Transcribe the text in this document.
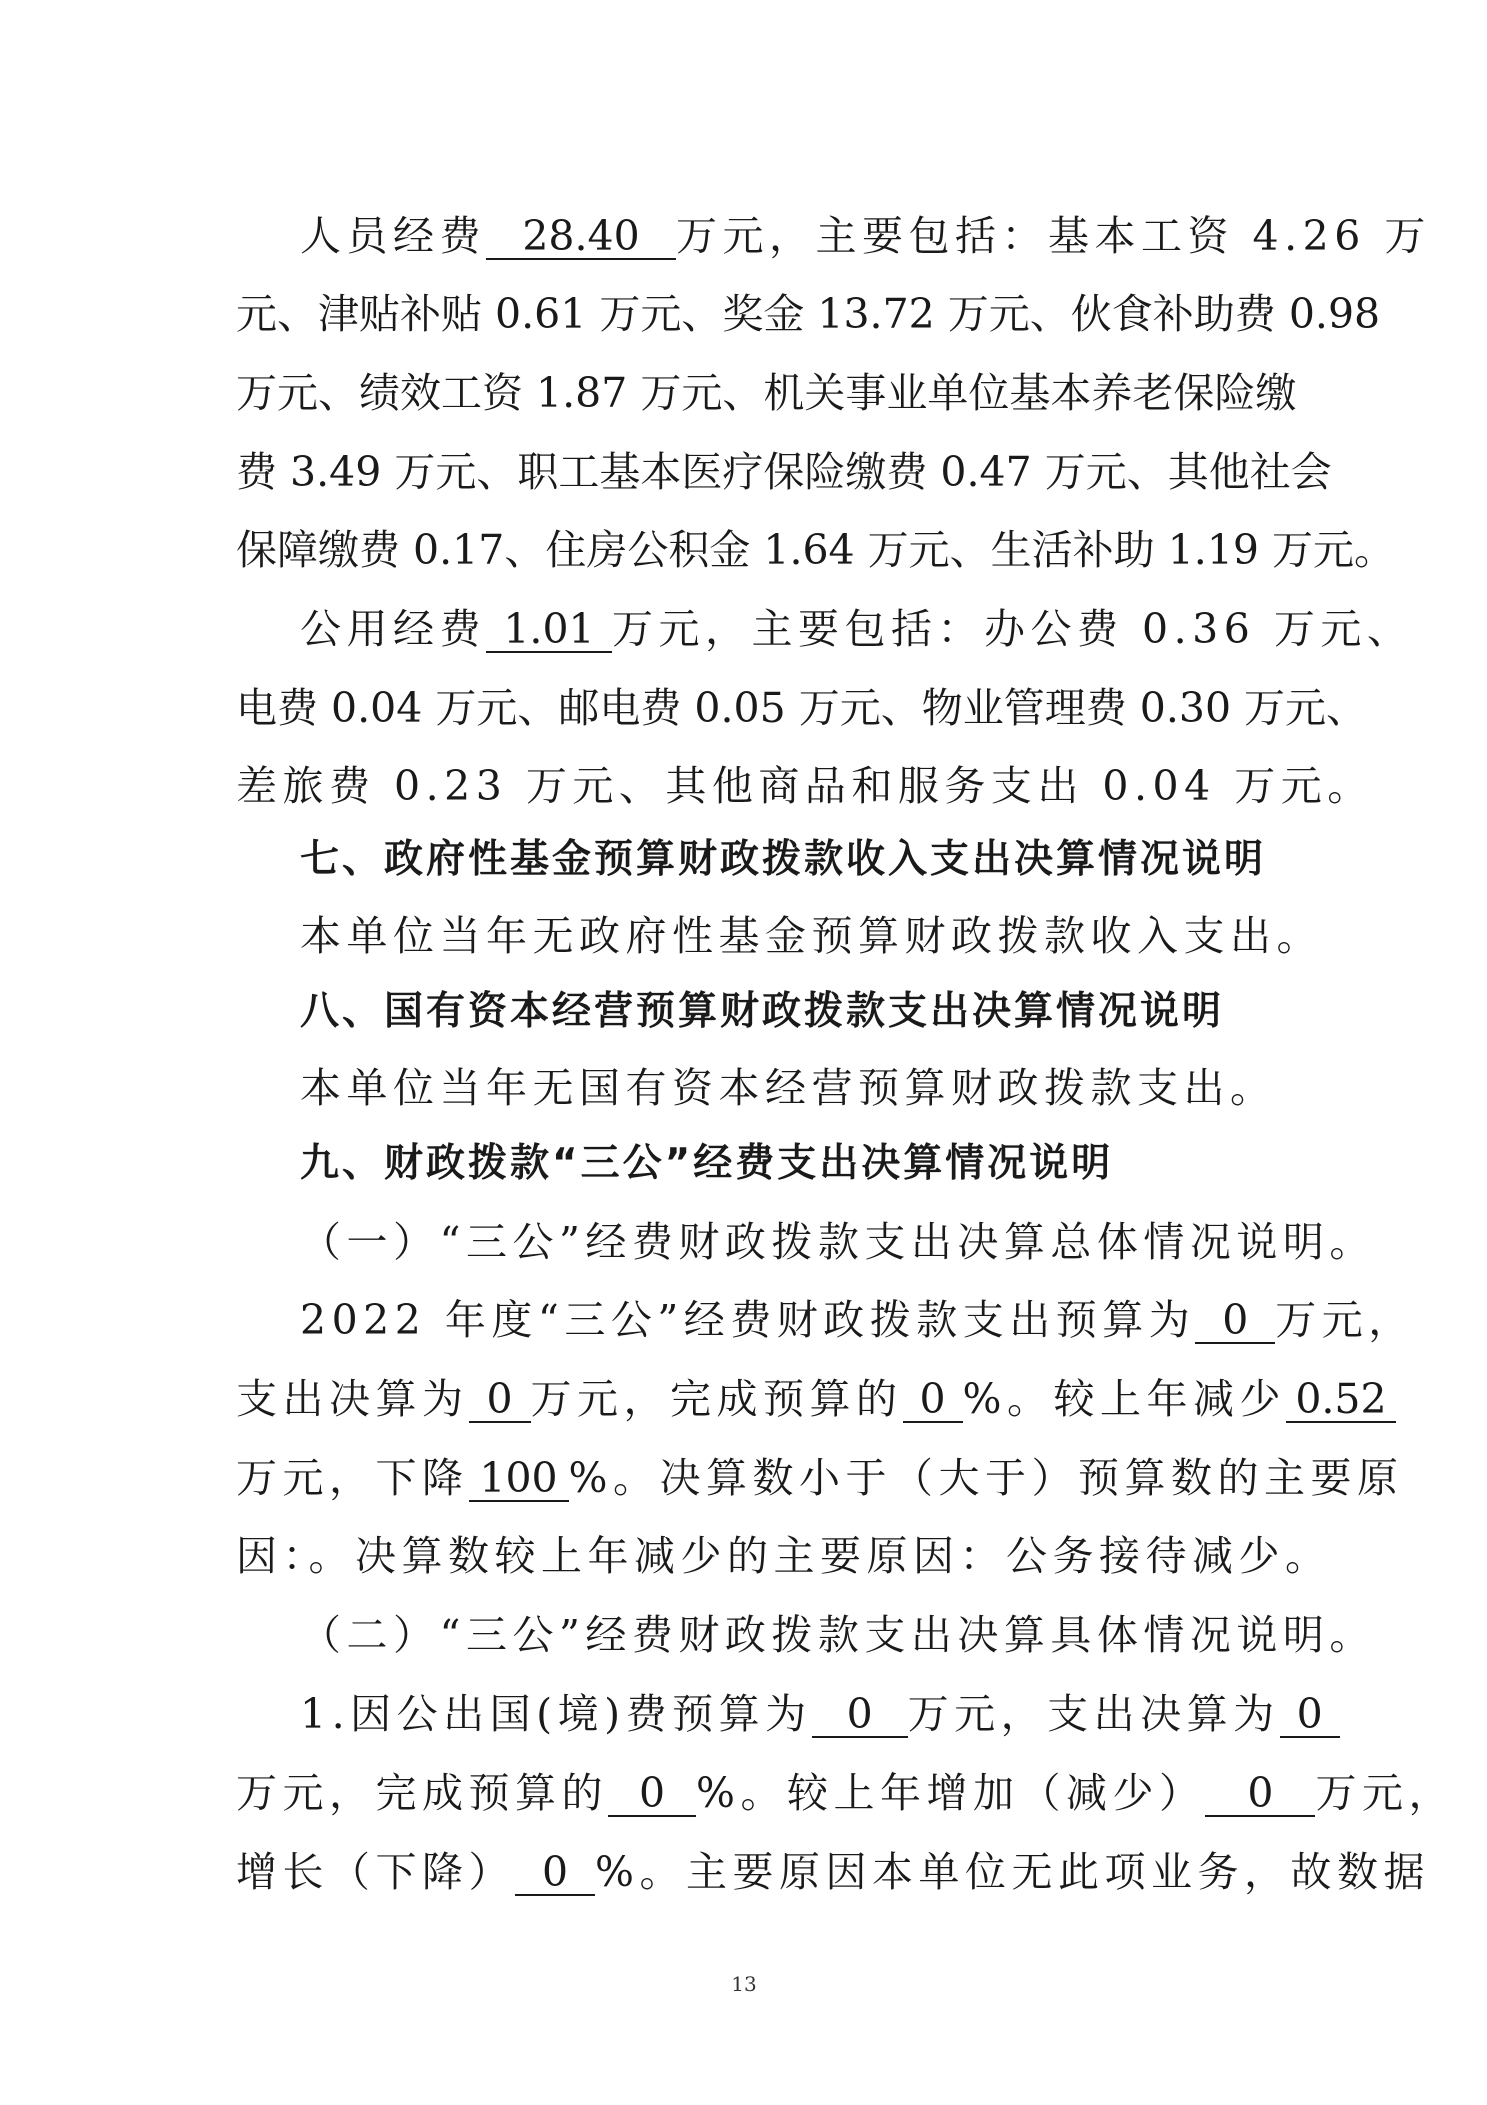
人员经费 28.40 万元，主要包括：基本工资 4.26 万
元、津贴补贴 0.61 万元、奖金 13.72 万元、伙食补助费 0.98
万元、绩效工资 1.87 万元、机关事业单位基本养老保险缴
费 3.49 万元、职工基本医疗保险缴费 0.47 万元、其他社会
保障缴费 0.17、住房公积金 1.64 万元、生活补助 1.19 万元。
公用经费 1.01 万元，主要包括：办公费 0.36 万元、
电费 0.04 万元、邮电费 0.05 万元、物业管理费 0.30 万元、
差旅费 0.23 万元、其他商品和服务支出 0.04 万元。
七、政府性基金预算财政拨款收入支出决算情况说明
本单位当年无政府性基金预算财政拨款收入支出。
八、国有资本经营预算财政拨款支出决算情况说明
本单位当年无国有资本经营预算财政拨款支出。
九、财政拨款“三公”经费支出决算情况说明
（一）“三公”经费财政拨款支出决算总体情况说明。
2022 年度“三公”经费财政拨款支出预算为 0 万元，
支出决算为 0 万元，完成预算的 0 %。较上年减少 0.52
万元，下降 100 %。决算数小于（大于）预算数的主要原
因：。决算数较上年减少的主要原因：公务接待减少。
（二）“三公”经费财政拨款支出决算具体情况说明。
1.因公出国(境)费预算为 0 万元，支出决算为 0
万元，完成预算的 0 %。较上年增加（减少） 0 万元，
增长（下降） 0 %。主要原因本单位无此项业务，故数据
13
